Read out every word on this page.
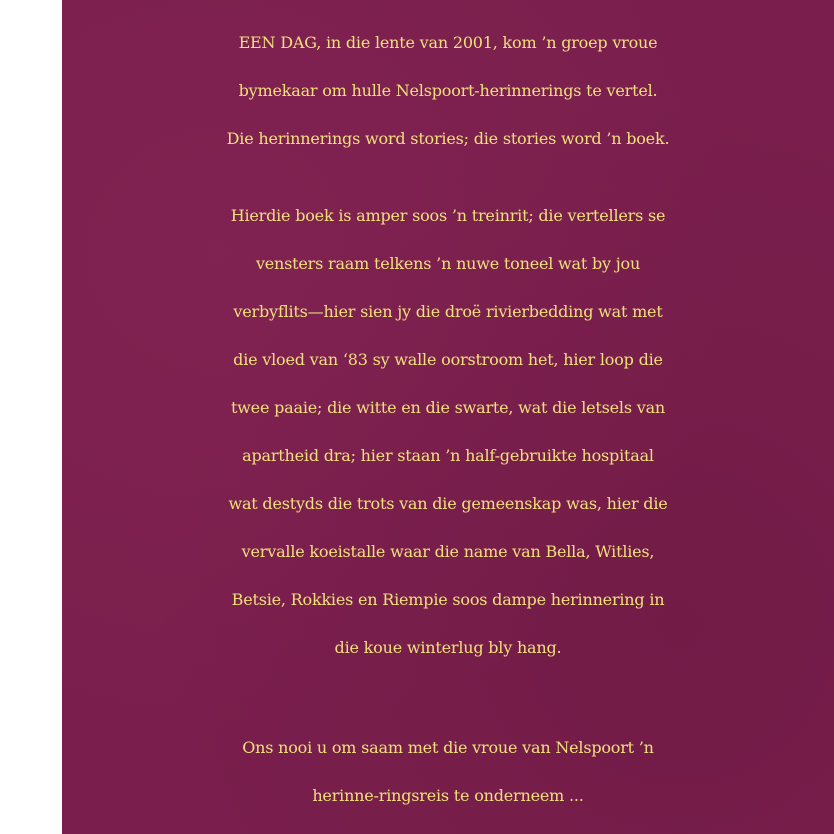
EEN DAG, in die lente van 2001, kom ’n groep vroue
bymekaar om hulle Nelspoort-herinnerings te vertel.
Die herinnerings word stories; die stories word ’n boek.
Hierdie boek is amper soos ’n treinrit; die vertellers se
vensters raam telkens ’n nuwe toneel wat by jou
verbyflits—hier sien jy die droë rivierbedding wat met
die vloed van ‘83 sy walle oorstroom het, hier loop die
twee paaie; die witte en die swarte, wat die letsels van
apartheid dra; hier staan ’n half-gebruikte hospitaal
wat destyds die trots van die gemeenskap was, hier die
vervalle koeistalle waar die name van Bella, Witlies,
Betsie, Rokkies en Riempie soos dampe herinnering in
die koue winterlug bly hang.
Ons nooi u om saam met die vroue van Nelspoort ’n
herinne-ringsreis te onderneem ...
